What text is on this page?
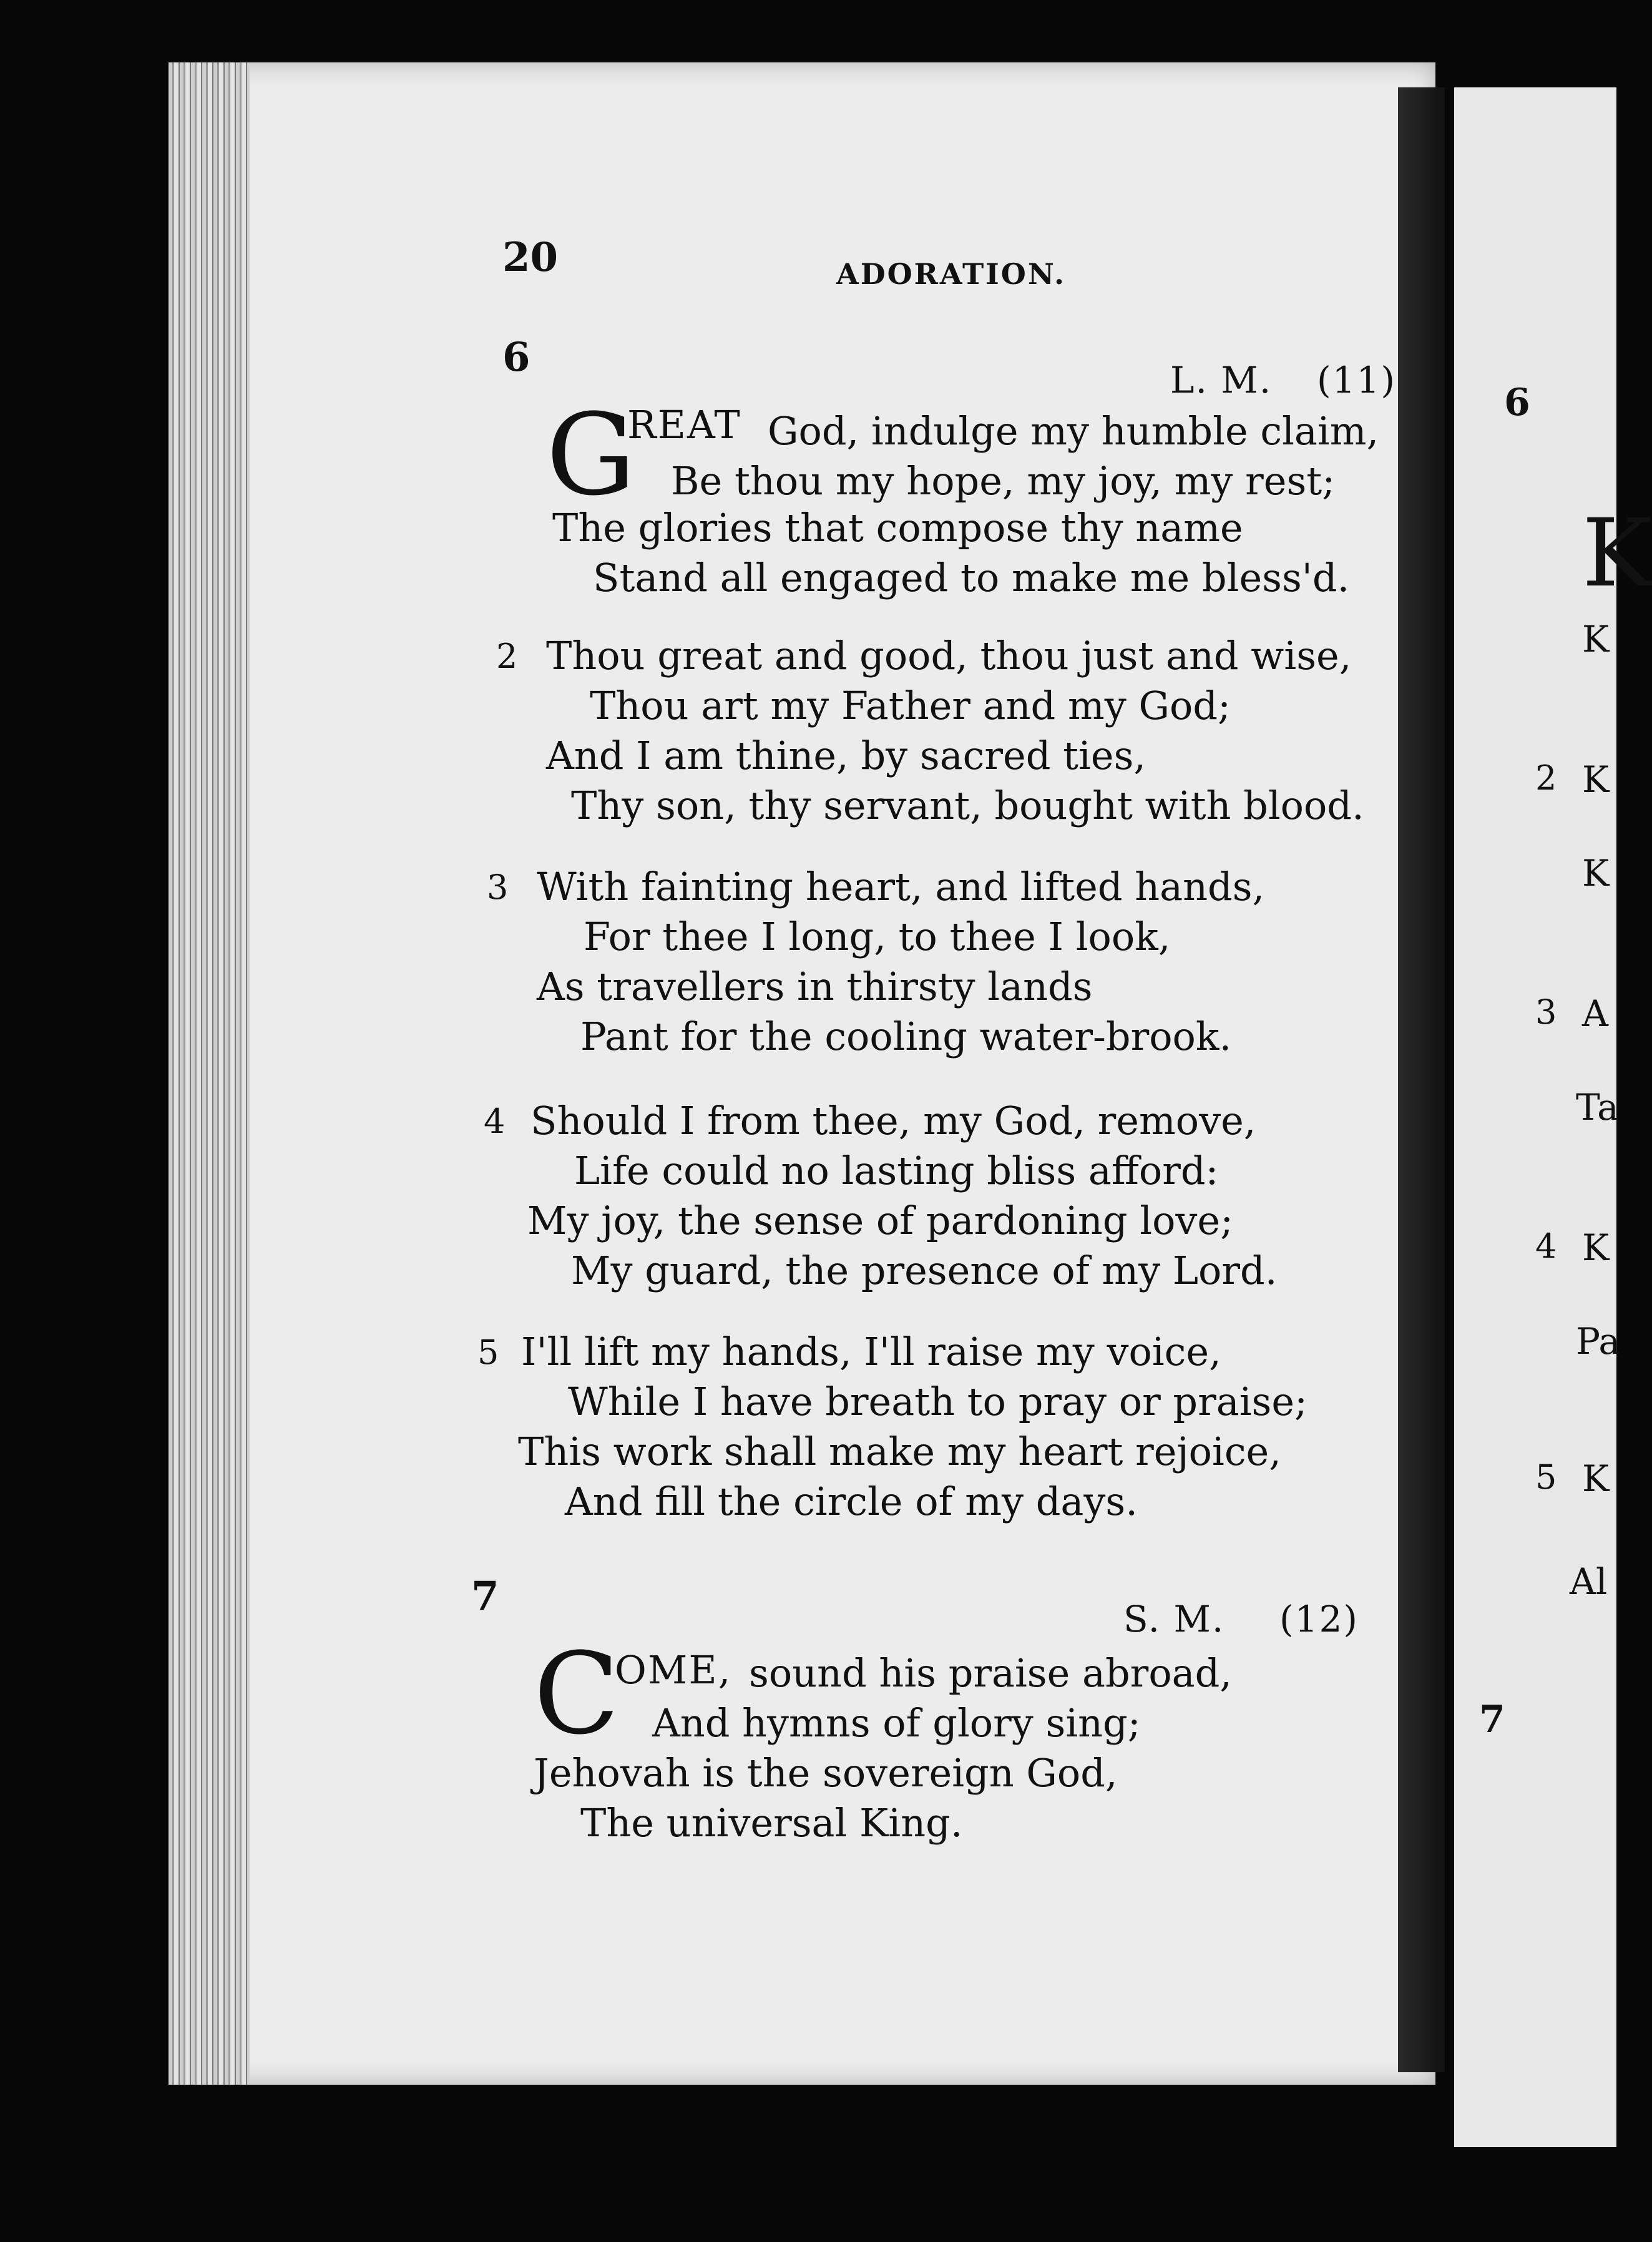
6
K
K
2 K
K
3 A
Ta
4 K
Pa
5 K
Al
7
20	ADORATION.
6	L. M. (11)
G
REAT God, indulge my humble claim,
Be thou my hope, my joy, my rest;
The glories that compose thy name
Stand all engaged to make me bless'd.
2 Thou great and good, thou just and wise,
Thou art my Father and my God;
And I am thine, by sacred ties,
Thy son, thy servant, bought with blood.
3 With fainting heart, and lifted hands,
For thee I long, to thee I look,
As travellers in thirsty lands
Pant for the cooling water-brook.
4 Should I from thee, my God, remove,
Life could no lasting bliss afford:
My joy, the sense of pardoning love;
My guard, the presence of my Lord.
5 I'll lift my hands, I'll raise my voice,
While I have breath to pray or praise;
This work shall make my heart rejoice,
And fill the circle of my days.
7	S. M. (12)
C
OME, sound his praise abroad,
And hymns of glory sing;
Jehovah is the sovereign God,
The universal King.
